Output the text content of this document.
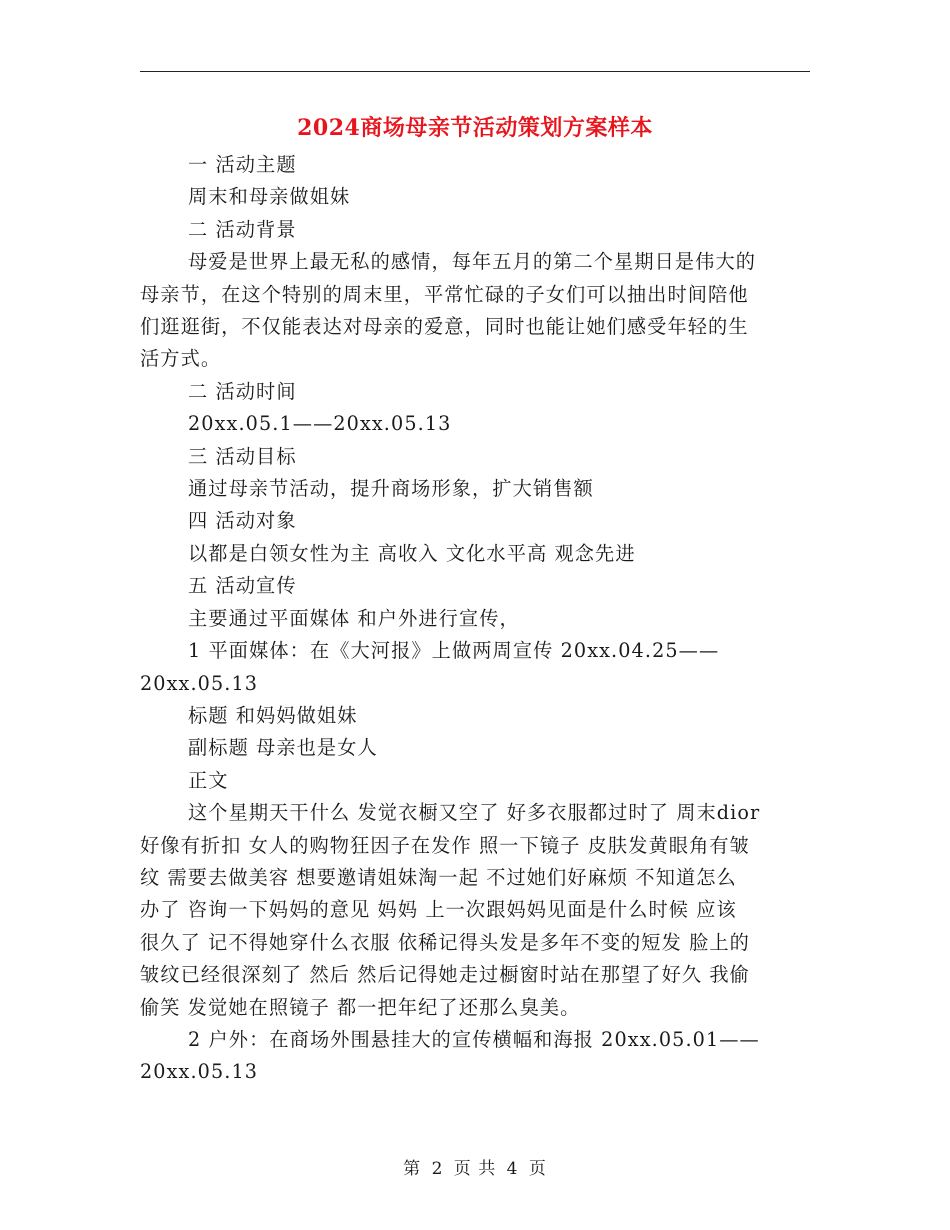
2024商场母亲节活动策划方案样本

一 活动主题

周末和母亲做姐妹

二 活动背景

母爱是世界上最无私的感情，每年五月的第二个星期日是伟大的
母亲节，在这个特别的周末里，平常忙碌的子女们可以抽出时间陪他
们逛逛街，不仅能表达对母亲的爱意，同时也能让她们感受年轻的生
活方式。

二 活动时间

20xx.05.1——20xx.05.13

三 活动目标

通过母亲节活动，提升商场形象，扩大销售额

四 活动对象

以都是白领女性为主 高收入 文化水平高 观念先进

五 活动宣传

主要通过平面媒体 和户外进行宣传，

1 平面媒体：在《大河报》上做两周宣传 20xx.04.25——
20xx.05.13

标题 和妈妈做姐妹

副标题 母亲也是女人

正文

这个星期天干什么 发觉衣橱又空了 好多衣服都过时了 周末dior
好像有折扣 女人的购物狂因子在发作 照一下镜子 皮肤发黄眼角有皱
纹 需要去做美容 想要邀请姐妹淘一起 不过她们好麻烦 不知道怎么
办了 咨询一下妈妈的意见 妈妈 上一次跟妈妈见面是什么时候 应该
很久了 记不得她穿什么衣服 依稀记得头发是多年不变的短发 脸上的
皱纹已经很深刻了 然后 然后记得她走过橱窗时站在那望了好久 我偷
偷笑 发觉她在照镜子 都一把年纪了还那么臭美。

2 户外：在商场外围悬挂大的宣传横幅和海报 20xx.05.01——
20xx.05.13

第 2 页 共 4 页
